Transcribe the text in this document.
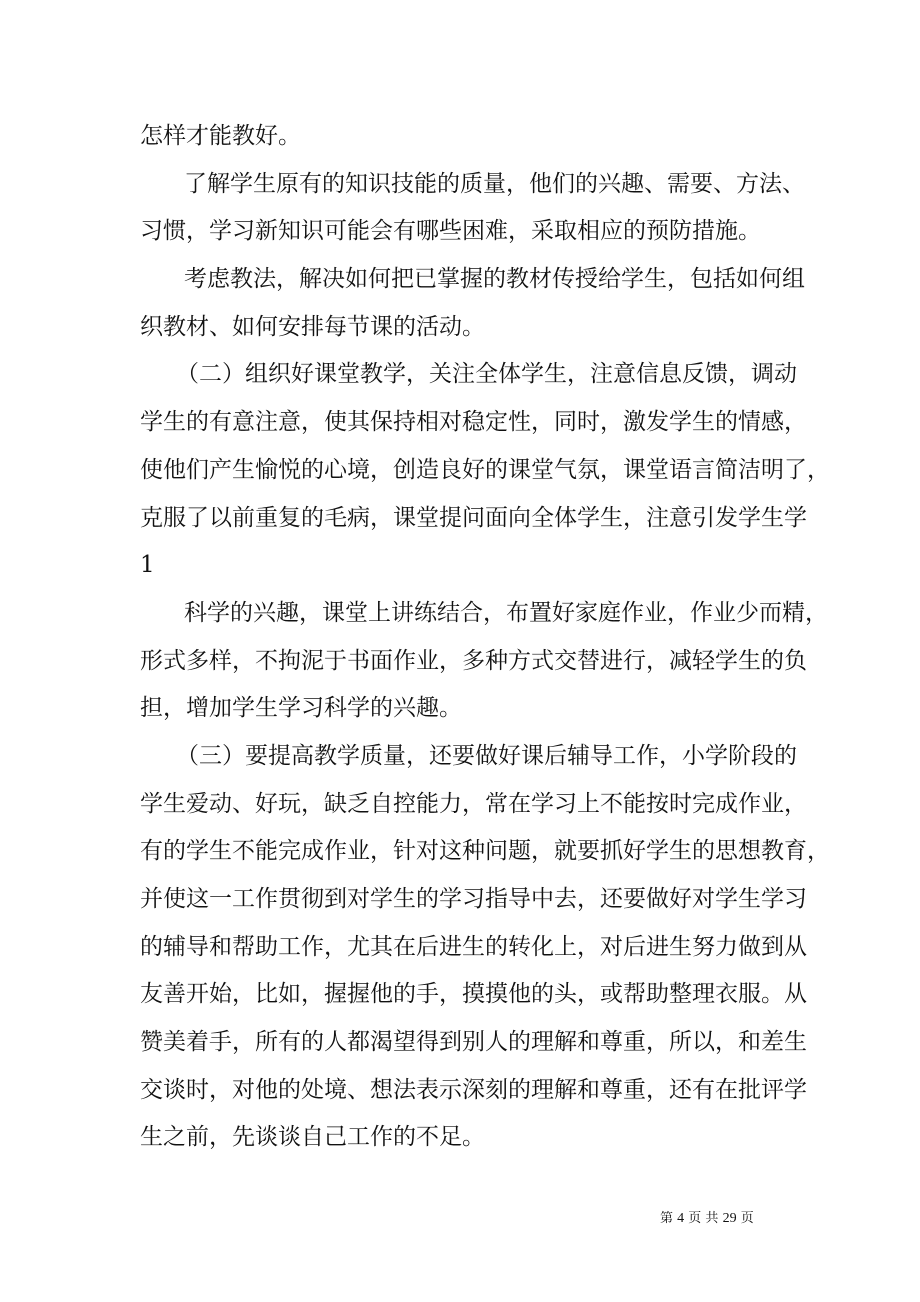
怎样才能教好。
了解学生原有的知识技能的质量，他们的兴趣、需要、方法、
习惯，学习新知识可能会有哪些困难，采取相应的预防措施。
考虑教法，解决如何把已掌握的教材传授给学生，包括如何组
织教材、如何安排每节课的活动。
（二）组织好课堂教学，关注全体学生，注意信息反馈，调动
学生的有意注意，使其保持相对稳定性，同时，激发学生的情感，
使他们产生愉悦的心境，创造良好的课堂气氛，课堂语言简洁明了，
克服了以前重复的毛病，课堂提问面向全体学生，注意引发学生学
1
科学的兴趣，课堂上讲练结合，布置好家庭作业，作业少而精，
形式多样，不拘泥于书面作业，多种方式交替进行，减轻学生的负
担，增加学生学习科学的兴趣。
（三）要提高教学质量，还要做好课后辅导工作，小学阶段的
学生爱动、好玩，缺乏自控能力，常在学习上不能按时完成作业，
有的学生不能完成作业，针对这种问题，就要抓好学生的思想教育，
并使这一工作贯彻到对学生的学习指导中去，还要做好对学生学习
的辅导和帮助工作，尤其在后进生的转化上，对后进生努力做到从
友善开始，比如，握握他的手，摸摸他的头，或帮助整理衣服。从
赞美着手，所有的人都渴望得到别人的理解和尊重，所以，和差生
交谈时，对他的处境、想法表示深刻的理解和尊重，还有在批评学
生之前，先谈谈自己工作的不足。
第 4 页 共 29 页
